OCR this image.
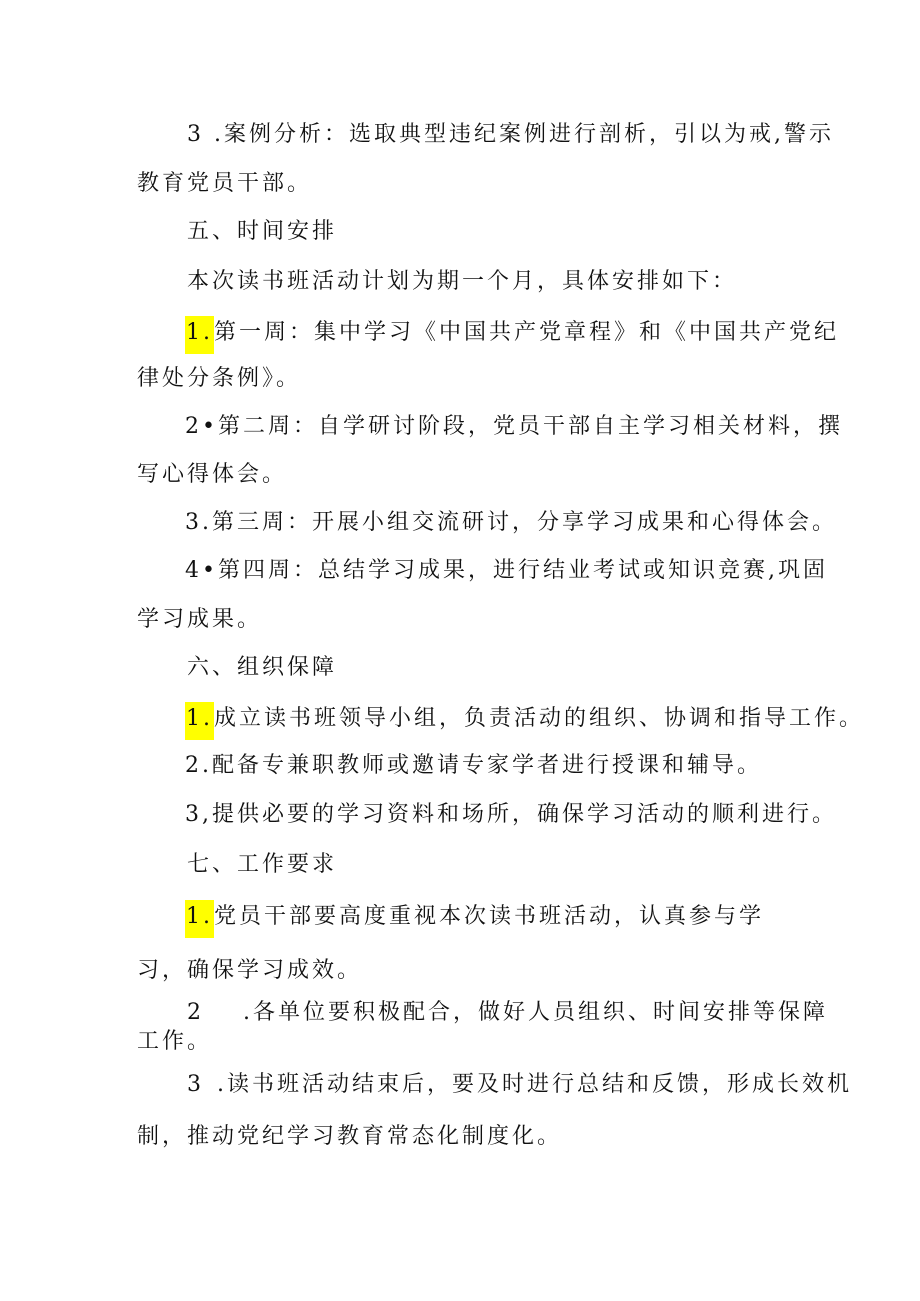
3 .案例分析：选取典型违纪案例进行剖析，引以为戒,警示
教育党员干部。
五、时间安排
本次读书班活动计划为期一个月，具体安排如下：
1.第一周：集中学习《中国共产党章程》和《中国共产党纪
律处分条例》。
2•第二周：自学研讨阶段，党员干部自主学习相关材料，撰
写心得体会。
3.第三周：开展小组交流研讨，分享学习成果和心得体会。
4•第四周：总结学习成果，进行结业考试或知识竞赛,巩固
学习成果。
六、组织保障
1.成立读书班领导小组，负责活动的组织、协调和指导工作。
2.配备专兼职教师或邀请专家学者进行授课和辅导。
3,提供必要的学习资料和场所，确保学习活动的顺利进行。
七、工作要求
1.党员干部要高度重视本次读书班活动，认真参与学
习，确保学习成效。
2 .各单位要积极配合，做好人员组织、时间安排等保障
工作。
3 .读书班活动结束后，要及时进行总结和反馈，形成长效机
制，推动党纪学习教育常态化制度化。
